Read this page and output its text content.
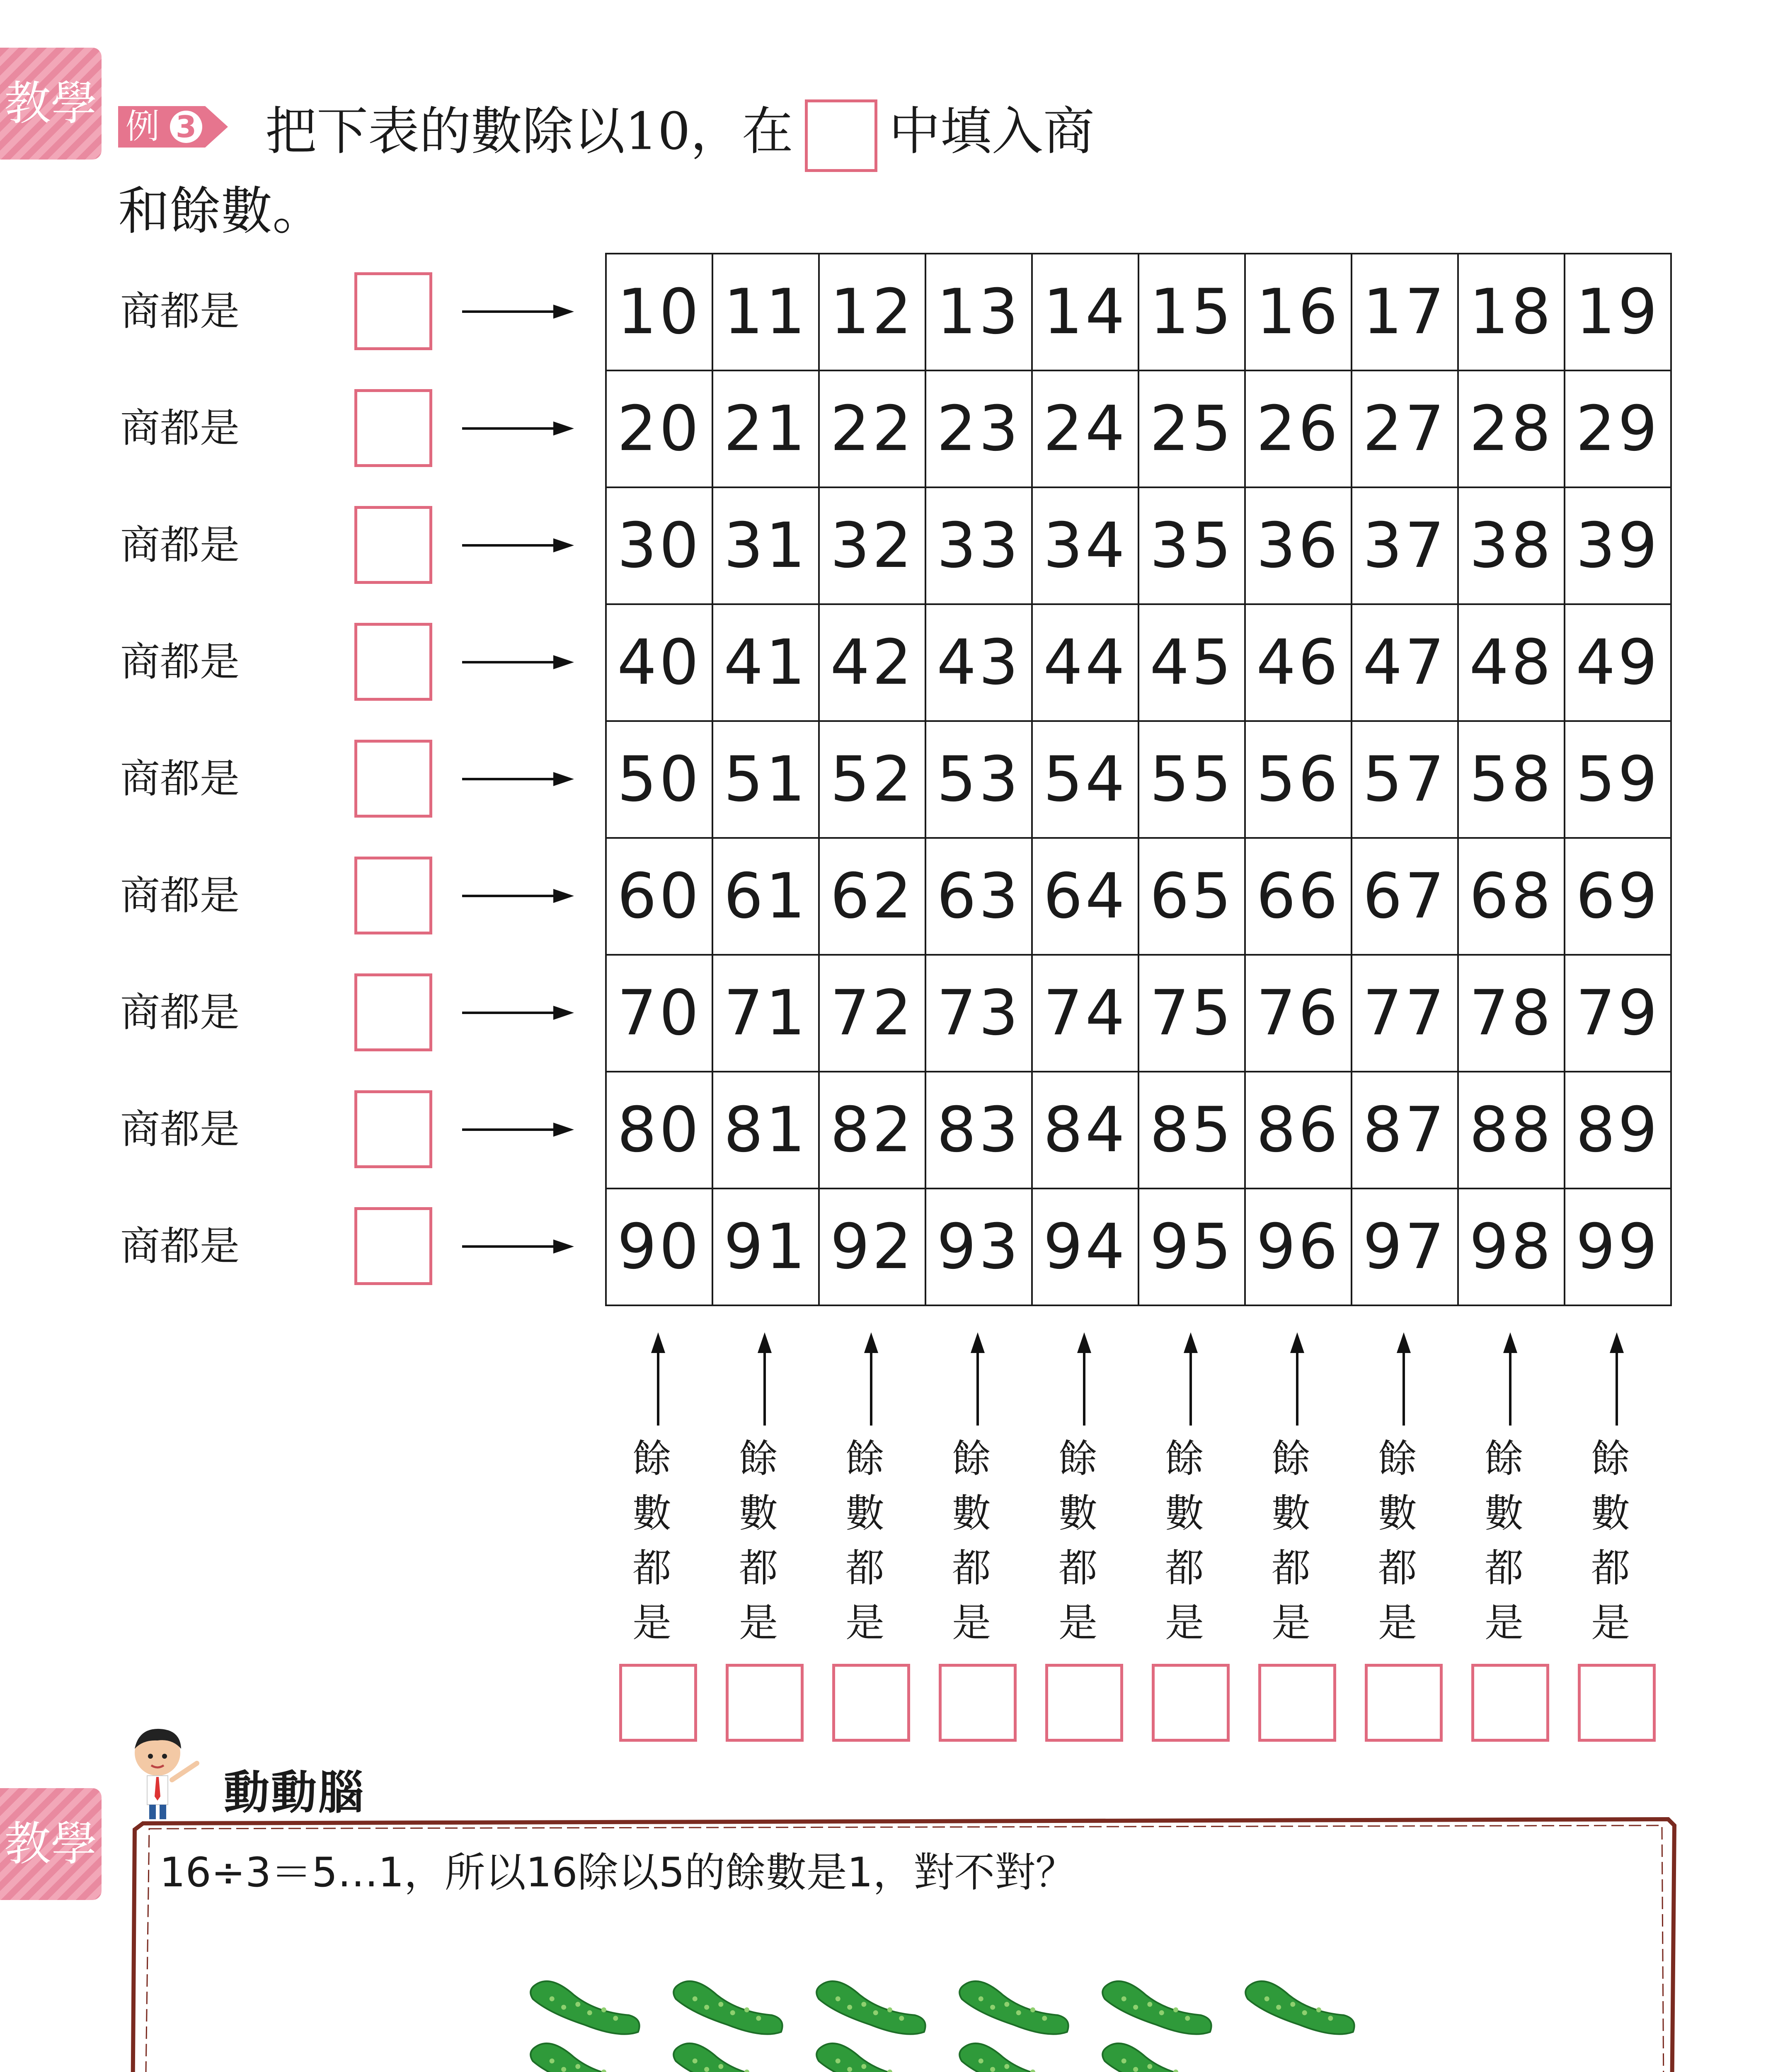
教學
教學
例 3 把下表的數除以10，在 中填入商
和餘數。
商都是
商都是
商都是
商都是
商都是
商都是
商都是
商都是
商都是
10	11	12	13	14	15	16	17	18	19
20	21	22	23	24	25	26	27	28	29
30	31	32	33	34	35	36	37	38	39
40	41	42	43	44	45	46	47	48	49
50	51	52	53	54	55	56	57	58	59
60	61	62	63	64	65	66	67	68	69
70	71	72	73	74	75	76	77	78	79
80	81	82	83	84	85	86	87	88	89
90	91	92	93	94	95	96	97	98	99
餘
數
都
是
餘
數
都
是
餘
數
都
是
餘
數
都
是
餘
數
都
是
餘
數
都
是
餘
數
都
是
餘
數
都
是
餘
數
都
是
餘
數
都
是
動動腦
16÷3＝5…1，所以16除以5的餘數是1，對不對？
